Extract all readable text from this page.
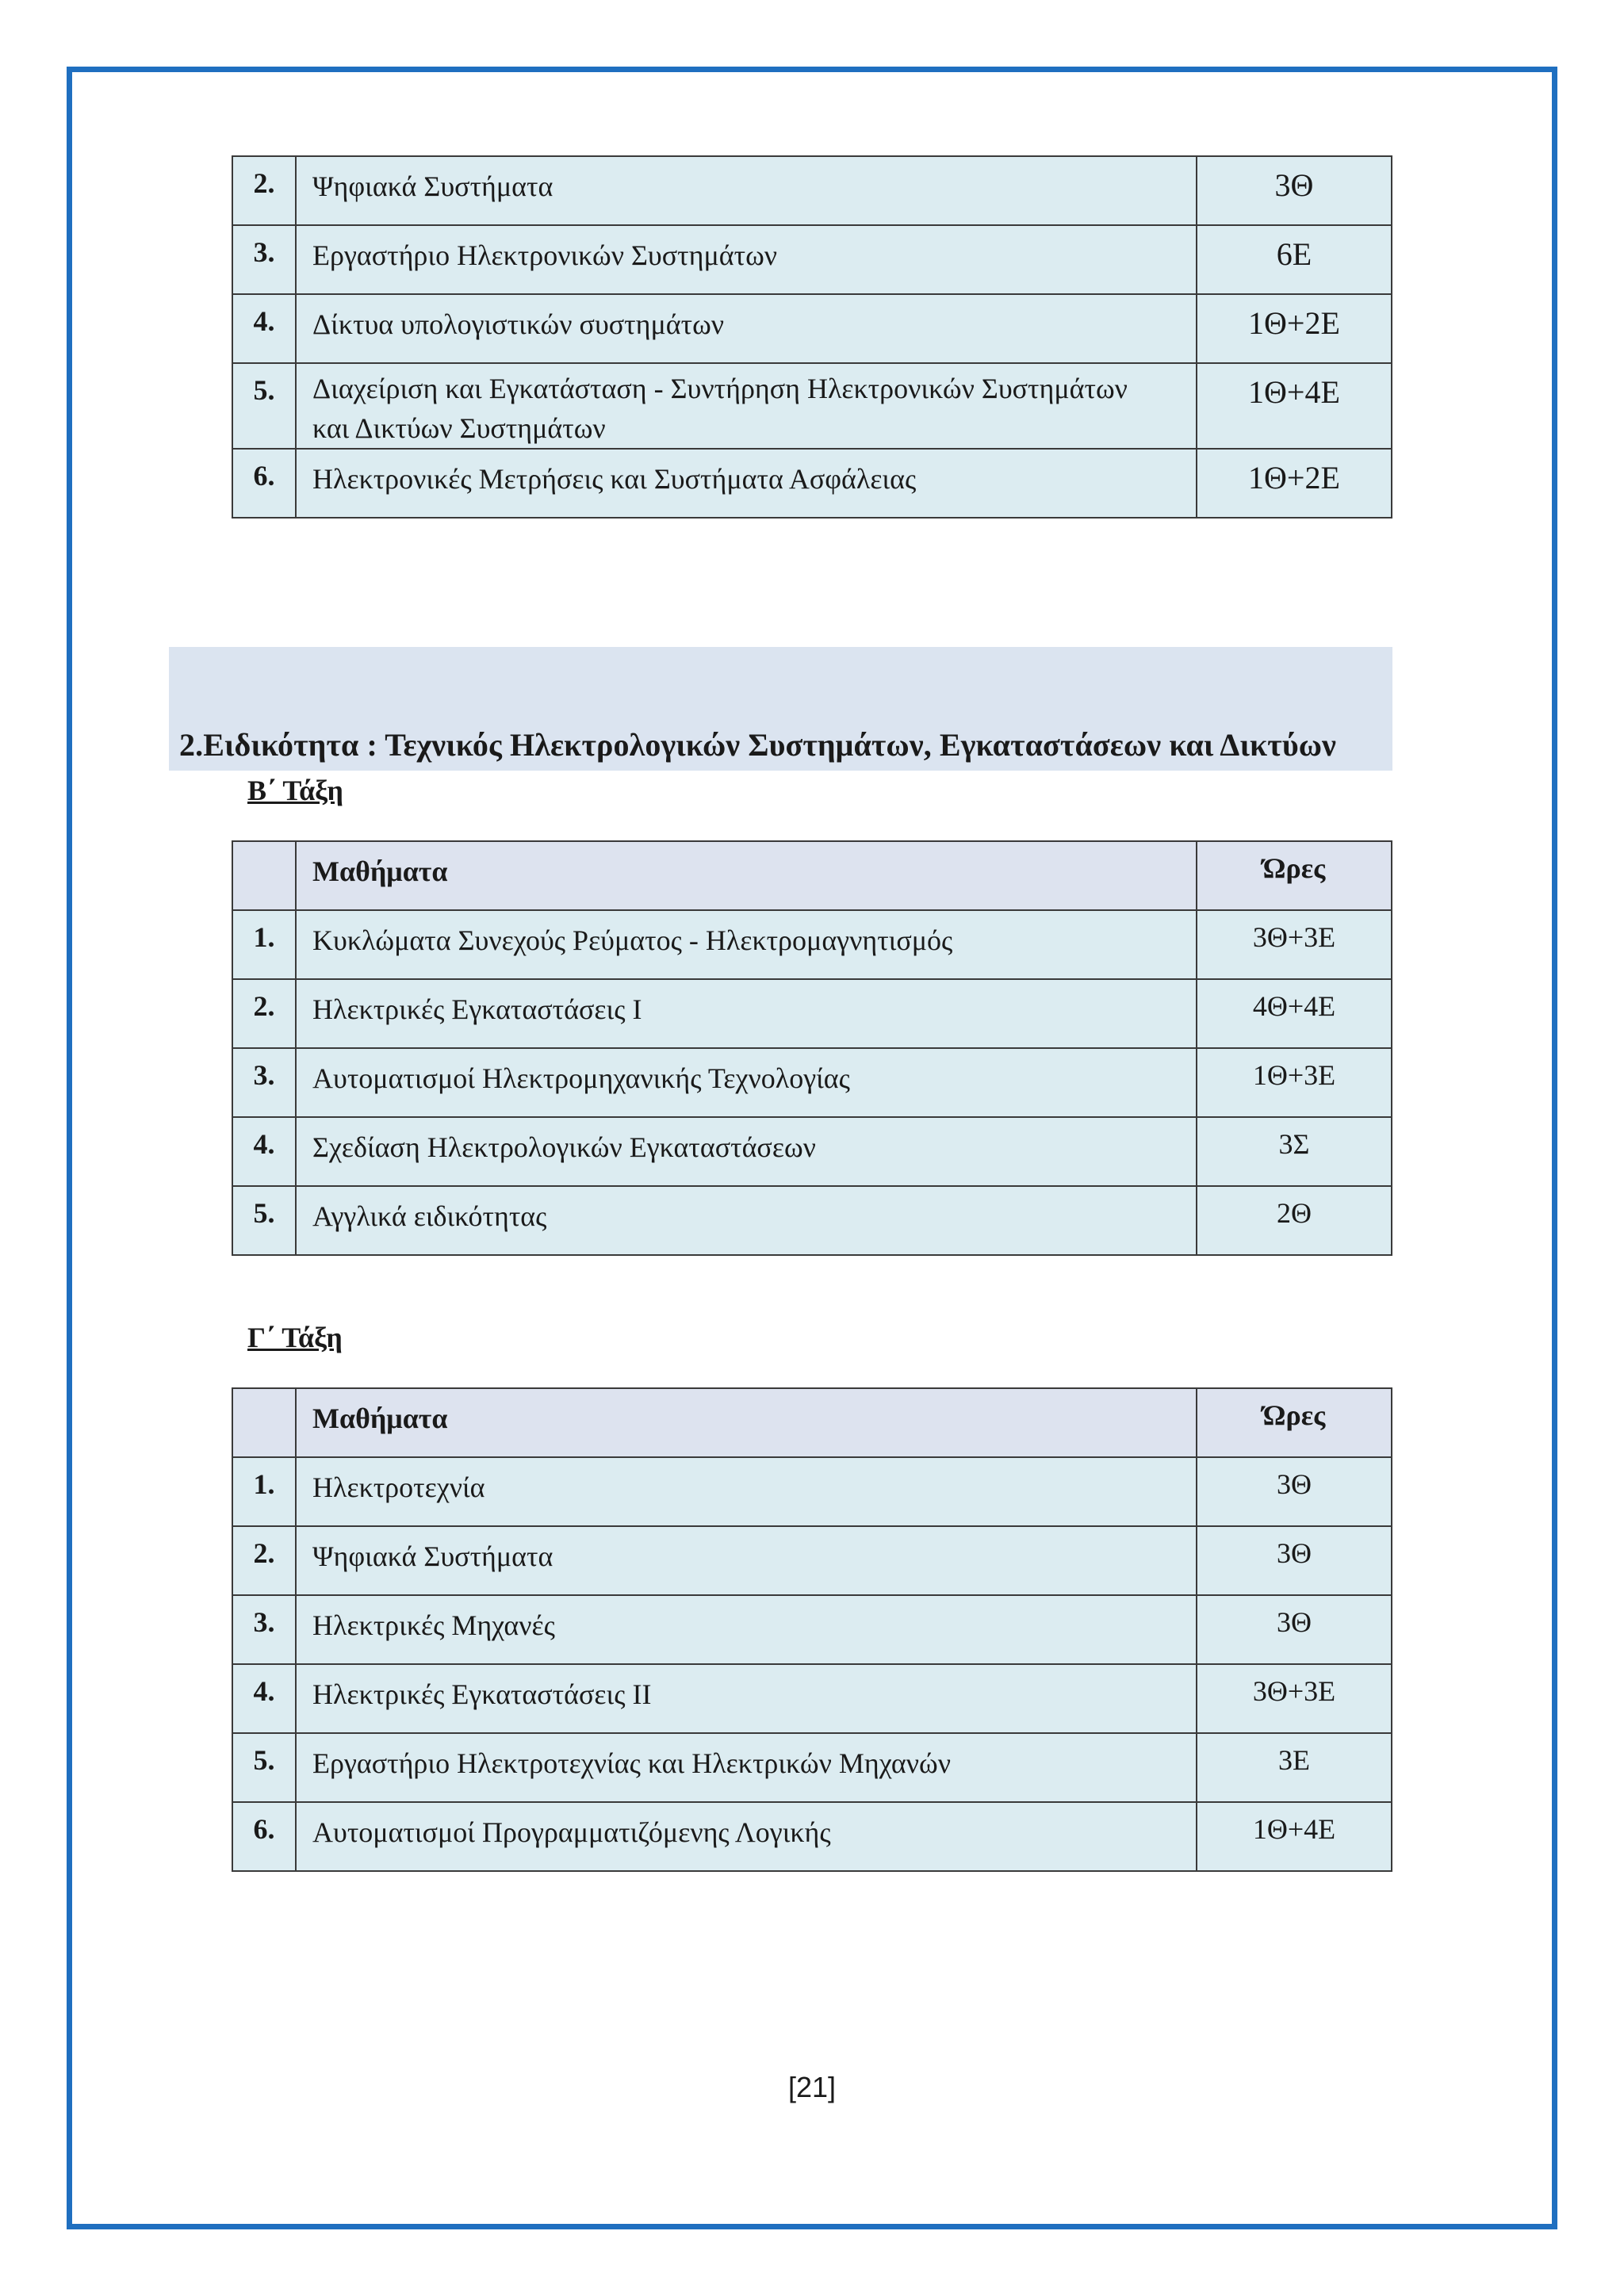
2.	Ψηφιακά Συστήματα	3Θ
3.	Εργαστήριο Ηλεκτρονικών Συστημάτων	6Ε
4.	Δίκτυα υπολογιστικών συστημάτων	1Θ+2Ε
5.	Διαχείριση και Εγκατάσταση - Συντήρηση Ηλεκτρονικών Συστημάτων
και Δικτύων Συστημάτων	1Θ+4Ε
6.	Ηλεκτρονικές Μετρήσεις και Συστήματα Ασφάλειας	1Θ+2Ε
2.Ειδικότητα : Τεχνικός Ηλεκτρολογικών Συστημάτων, Εγκαταστάσεων και Δικτύων
Β΄ Τάξη
	Μαθήματα	Ώρες
1.	Κυκλώματα Συνεχούς Ρεύματος - Ηλεκτρομαγνητισμός	3Θ+3Ε
2.	Ηλεκτρικές Εγκαταστάσεις Ι	4Θ+4Ε
3.	Αυτοματισμοί Ηλεκτρομηχανικής Τεχνολογίας	1Θ+3Ε
4.	Σχεδίαση Ηλεκτρολογικών Εγκαταστάσεων	3Σ
5.	Αγγλικά ειδικότητας	2Θ
Γ΄ Τάξη
	Μαθήματα	Ώρες
1.	Ηλεκτροτεχνία	3Θ
2.	Ψηφιακά Συστήματα	3Θ
3.	Ηλεκτρικές Μηχανές	3Θ
4.	Ηλεκτρικές Εγκαταστάσεις ΙΙ	3Θ+3Ε
5.	Εργαστήριο Ηλεκτροτεχνίας και Ηλεκτρικών Μηχανών	3Ε
6.	Αυτοματισμοί Προγραμματιζόμενης Λογικής	1Θ+4Ε
[21]
